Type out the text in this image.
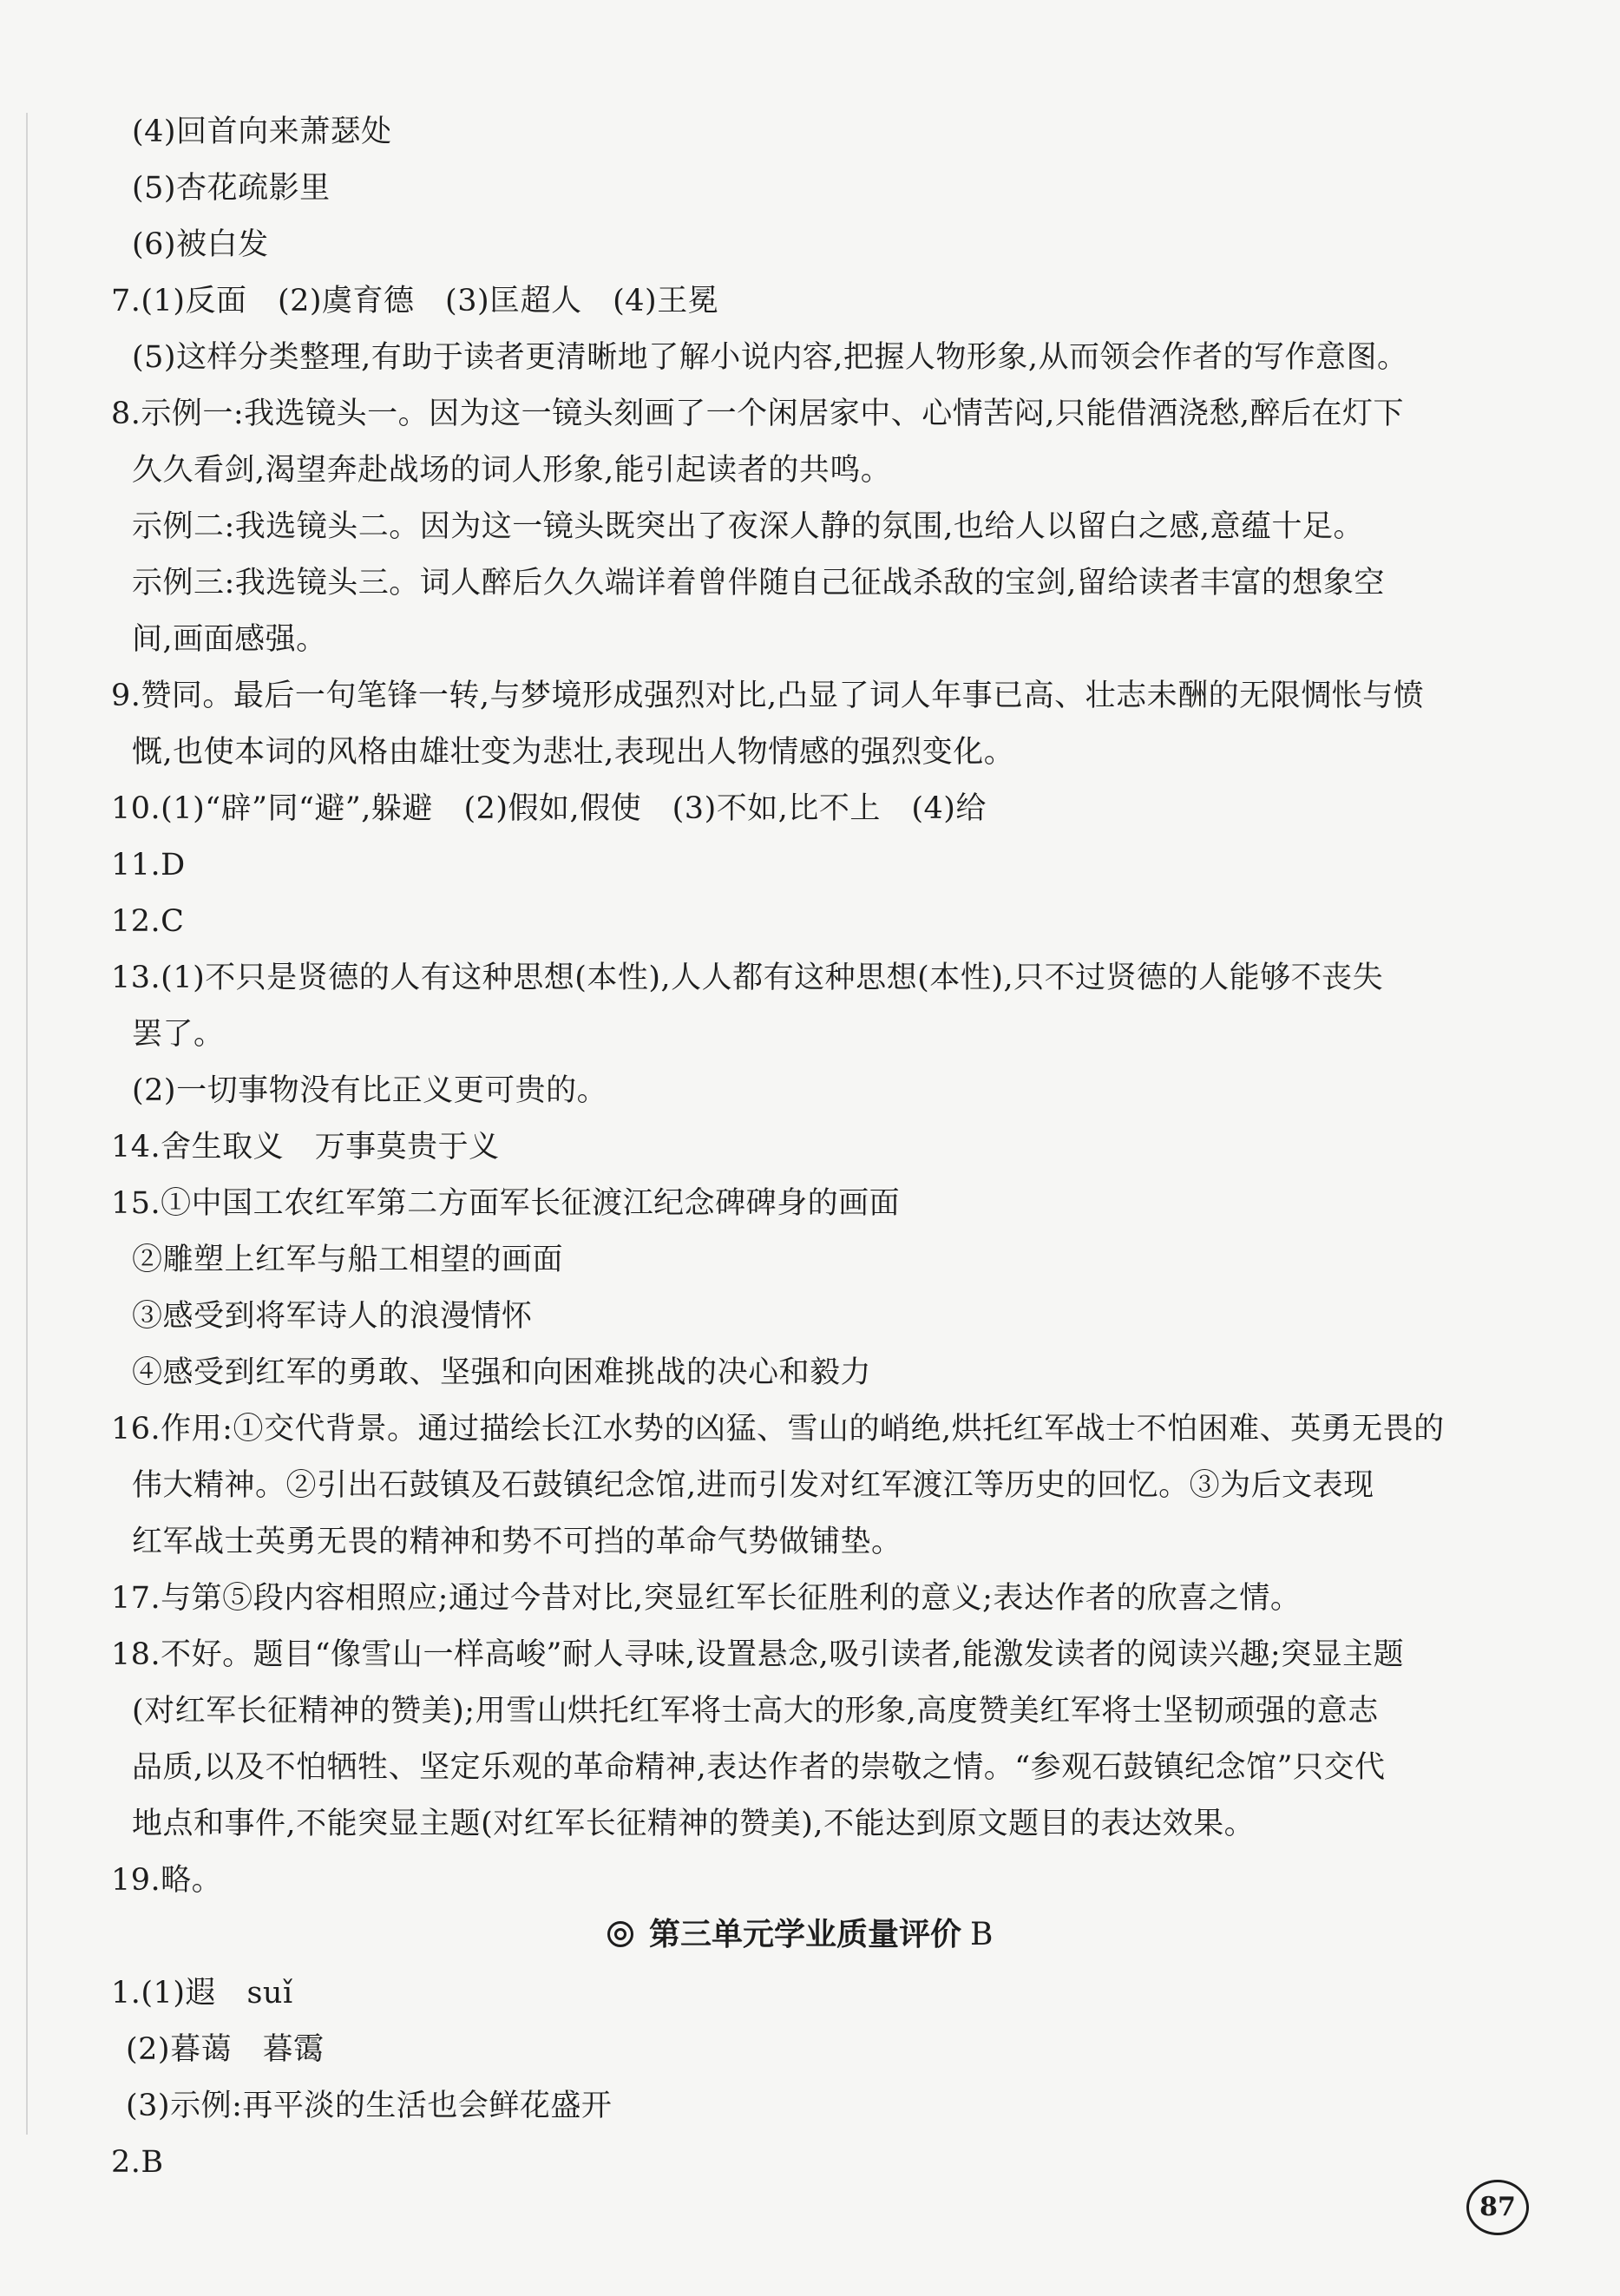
(4)回首向来萧瑟处
(5)杏花疏影里
(6)被白发
7.(1)反面　(2)虞育德　(3)匡超人　(4)王冕
(5)这样分类整理,有助于读者更清晰地了解小说内容,把握人物形象,从而领会作者的写作意图。
8.示例一:我选镜头一。因为这一镜头刻画了一个闲居家中、心情苦闷,只能借酒浇愁,醉后在灯下
久久看剑,渴望奔赴战场的词人形象,能引起读者的共鸣。
示例二:我选镜头二。因为这一镜头既突出了夜深人静的氛围,也给人以留白之感,意蕴十足。
示例三:我选镜头三。词人醉后久久端详着曾伴随自己征战杀敌的宝剑,留给读者丰富的想象空
间,画面感强。
9.赞同。最后一句笔锋一转,与梦境形成强烈对比,凸显了词人年事已高、壮志未酬的无限惆怅与愤
慨,也使本词的风格由雄壮变为悲壮,表现出人物情感的强烈变化。
10.(1)“辟”同“避”,躲避　(2)假如,假使　(3)不如,比不上　(4)给
11.D
12.C
13.(1)不只是贤德的人有这种思想(本性),人人都有这种思想(本性),只不过贤德的人能够不丧失
罢了。
(2)一切事物没有比正义更可贵的。
14.舍生取义　万事莫贵于义
15.①中国工农红军第二方面军长征渡江纪念碑碑身的画面
②雕塑上红军与船工相望的画面
③感受到将军诗人的浪漫情怀
④感受到红军的勇敢、坚强和向困难挑战的决心和毅力
16.作用:①交代背景。通过描绘长江水势的凶猛、雪山的峭绝,烘托红军战士不怕困难、英勇无畏的
伟大精神。②引出石鼓镇及石鼓镇纪念馆,进而引发对红军渡江等历史的回忆。③为后文表现
红军战士英勇无畏的精神和势不可挡的革命气势做铺垫。
17.与第⑤段内容相照应;通过今昔对比,突显红军长征胜利的意义;表达作者的欣喜之情。
18.不好。题目“像雪山一样高峻”耐人寻味,设置悬念,吸引读者,能激发读者的阅读兴趣;突显主题
(对红军长征精神的赞美);用雪山烘托红军将士高大的形象,高度赞美红军将士坚韧顽强的意志
品质,以及不怕牺牲、坚定乐观的革命精神,表达作者的崇敬之情。“参观石鼓镇纪念馆”只交代
地点和事件,不能突显主题(对红军长征精神的赞美),不能达到原文题目的表达效果。
19.略。
1.(1)遐　suǐ
(2)暮蔼　暮霭
(3)示例:再平淡的生活也会鲜花盛开
2.B
第三单元学业质量评价 B
87
